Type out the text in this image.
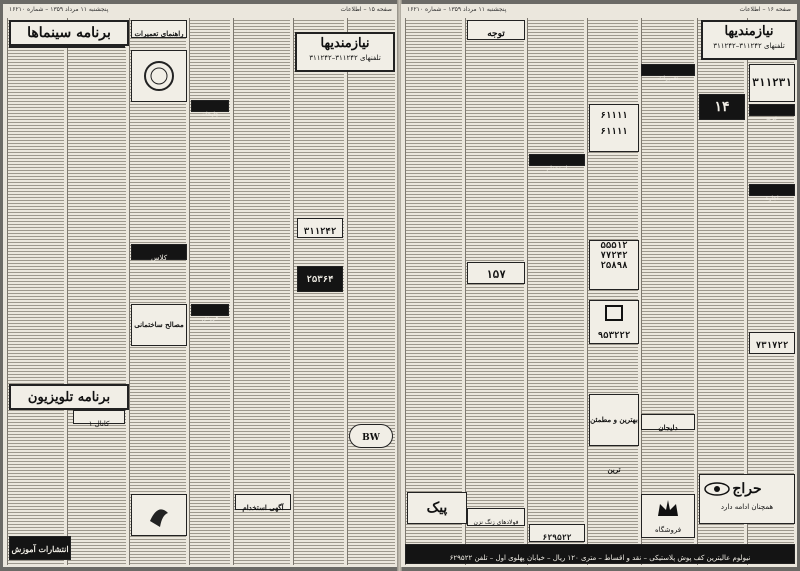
پنجشنبه ۱۱ مرداد ۱۳۵۹ – شماره ۱۶۲۱۰	صفحه ۱۵ – اطلاعات
برنامه سینماها
برنامه تلویزیون
کانال ۱
انتشارات آموزش
راهنمای تعمیرات
کلاس
مصالح ساختمانی
چاپخانه
فروش
نیازمندیها
تلفنهای ۳۱۱۲۴۲–۳۱۱۲۴۲
۳۱۱۲۴۲
۲۵۳۶۴
آگهی استخدام
BW
پنجشنبه ۱۱ مرداد ۱۳۵۹ – شماره ۱۶۲۱۰	صفحه ۱۶ – اطلاعات
نیازمندیها
تلفنهای ۳۱۱۲۴۲–۳۱۱۲۴۲
۳۱۱۲۳۱
۱۴
خرید
اجاره
۷۳۱۷۲۲
حراج
همچنان ادامه دارد
۶۱۱۱۱
۶۱۱۱۱
۵۵۵۱۲
۷۷۲۴۲
۲۵۸۹۸
۹۵۳۲۲۲
بهترین و مطمئن ترین
فروشگاه
دلیجان
توجه
۱۵۷
پیک
فولادهای زنگ نزن
۶۲۹۵۲۲
استخدام
تعمیرات
نیولوم عالیترین کف پوش پلاستیکی – نقد و اقساط – متری ۱۲۰ ریال – خیابان پهلوی اول – تلفن ۶۲۹۵۲۲
